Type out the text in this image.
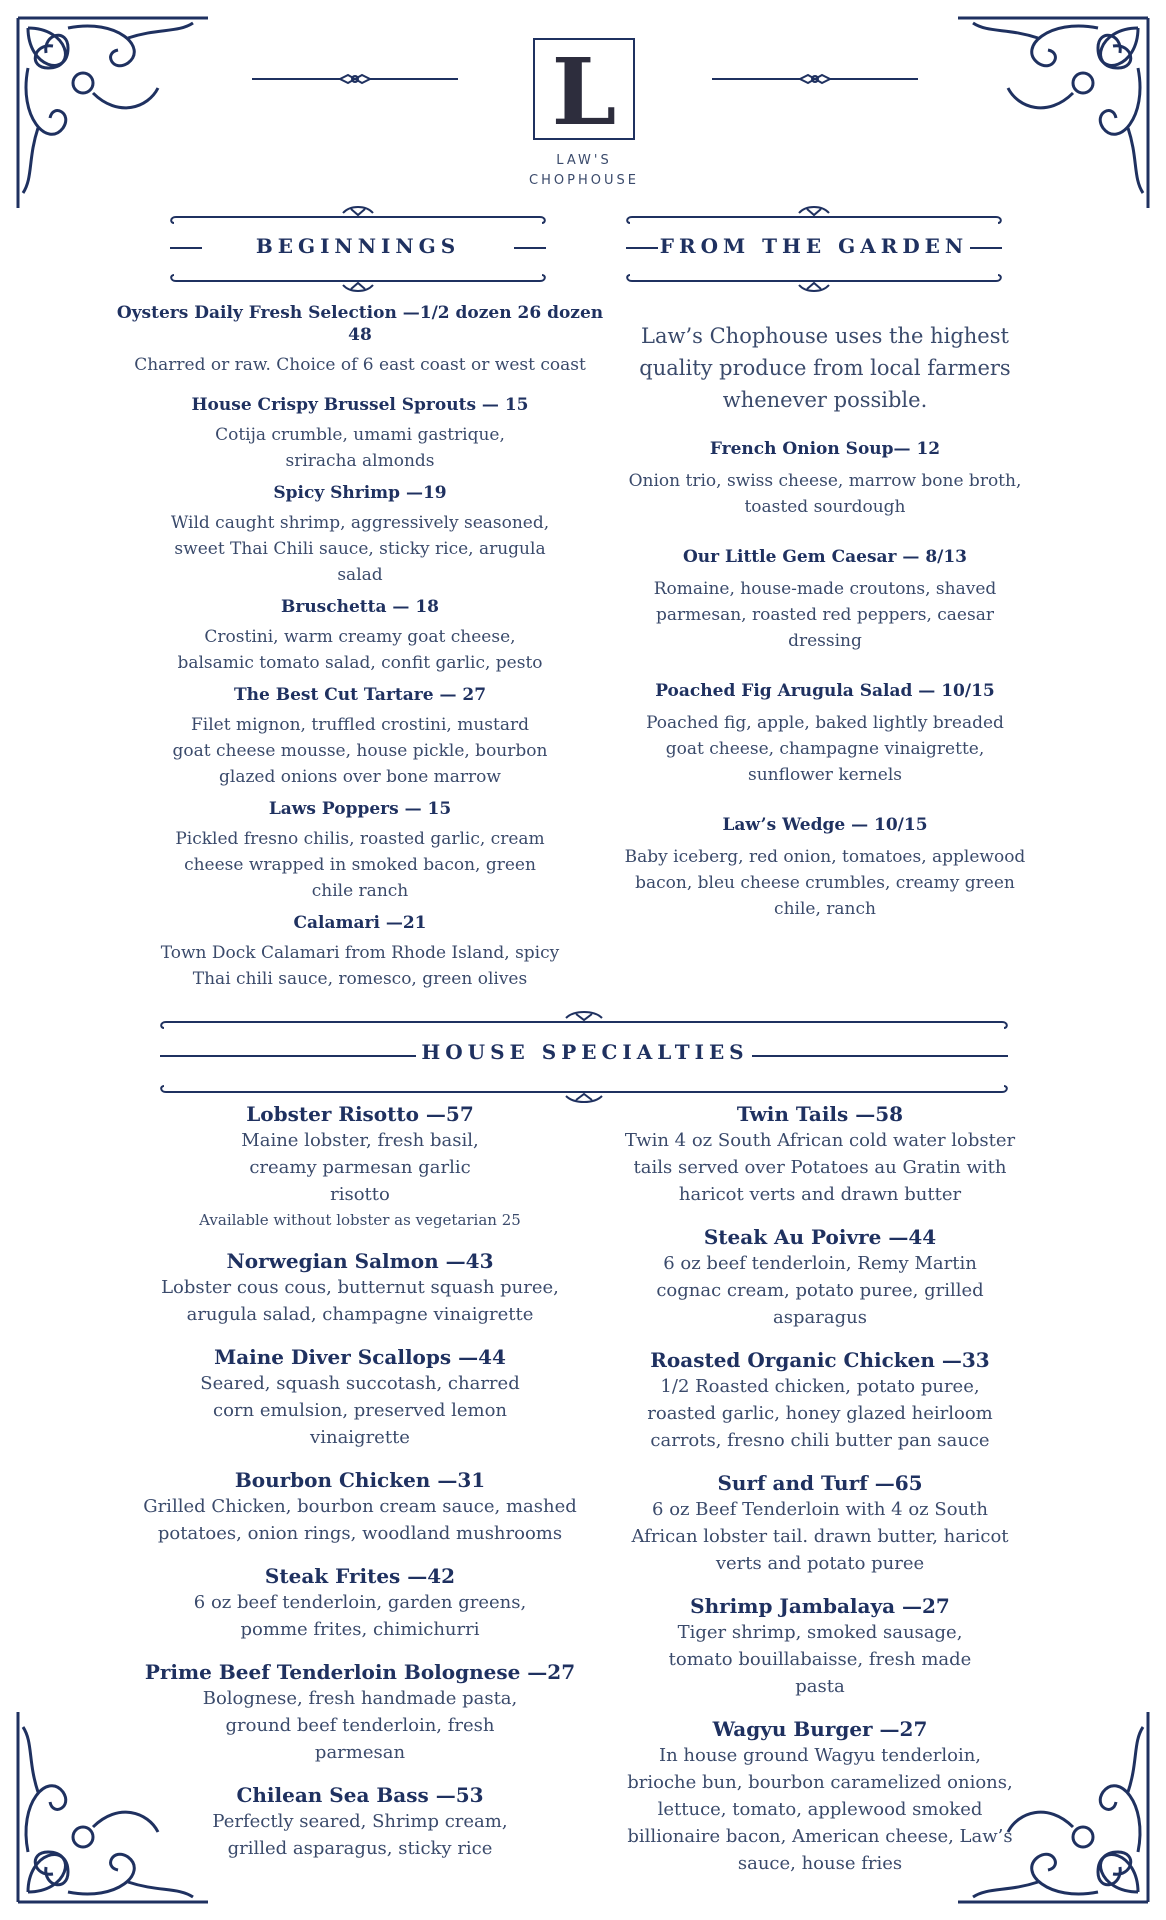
L
LAW'S
CHOPHOUSE
BEGINNINGS	FROM THE GARDEN
Oysters Daily Fresh Selection —1/2 dozen 26 dozen 48
Charred or raw. Choice of 6 east coast or west coast
House Crispy Brussel Sprouts — 15
Cotija crumble, umami gastrique, sriracha almonds
Spicy Shrimp —19
Wild caught shrimp, aggressively seasoned, sweet Thai Chili sauce, sticky rice, arugula salad
Bruschetta — 18
Crostini, warm creamy goat cheese, balsamic tomato salad, confit garlic, pesto
The Best Cut Tartare — 27
Filet mignon, truffled crostini, mustard goat cheese mousse, house pickle, bourbon glazed onions over bone marrow
Laws Poppers — 15
Pickled fresno chilis, roasted garlic, cream cheese wrapped in smoked bacon, green chile ranch
Calamari —21
Town Dock Calamari from Rhode Island, spicy Thai chili sauce, romesco, green olives
Law’s Chophouse uses the highest quality produce from local farmers whenever possible.
French Onion Soup— 12
Onion trio, swiss cheese, marrow bone broth, toasted sourdough
Our Little Gem Caesar — 8/13
Romaine, house-made croutons, shaved parmesan, roasted red peppers, caesar dressing
Poached Fig Arugula Salad — 10/15
Poached fig, apple, baked lightly breaded goat cheese, champagne vinaigrette, sunflower kernels
Law’s Wedge — 10/15
Baby iceberg, red onion, tomatoes, applewood bacon, bleu cheese crumbles, creamy green chile, ranch
HOUSE SPECIALTIES
Lobster Risotto —57
Maine lobster, fresh basil, creamy parmesan garlic risotto
Available without lobster as vegetarian 25
Norwegian Salmon —43
Lobster cous cous, butternut squash puree, arugula salad, champagne vinaigrette
Maine Diver Scallops —44
Seared, squash succotash, charred corn emulsion, preserved lemon vinaigrette
Bourbon Chicken —31
Grilled Chicken, bourbon cream sauce, mashed potatoes, onion rings, woodland mushrooms
Steak Frites —42
6 oz beef tenderloin, garden greens, pomme frites, chimichurri
Prime Beef Tenderloin Bolognese —27
Bolognese, fresh handmade pasta, ground beef tenderloin, fresh parmesan
Chilean Sea Bass —53
Perfectly seared, Shrimp cream, grilled asparagus, sticky rice
Twin Tails —58
Twin 4 oz South African cold water lobster tails served over Potatoes au Gratin with haricot verts and drawn butter
Steak Au Poivre —44
6 oz beef tenderloin, Remy Martin cognac cream, potato puree, grilled asparagus
Roasted Organic Chicken —33
1/2 Roasted chicken, potato puree, roasted garlic, honey glazed heirloom carrots, fresno chili butter pan sauce
Surf and Turf —65
6 oz Beef Tenderloin with 4 oz South African lobster tail. drawn butter, haricot verts and potato puree
Shrimp Jambalaya —27
Tiger shrimp, smoked sausage, tomato bouillabaisse, fresh made pasta
Wagyu Burger —27
In house ground Wagyu tenderloin, brioche bun, bourbon caramelized onions, lettuce, tomato, applewood smoked billionaire bacon, American cheese, Law’s sauce, house fries
